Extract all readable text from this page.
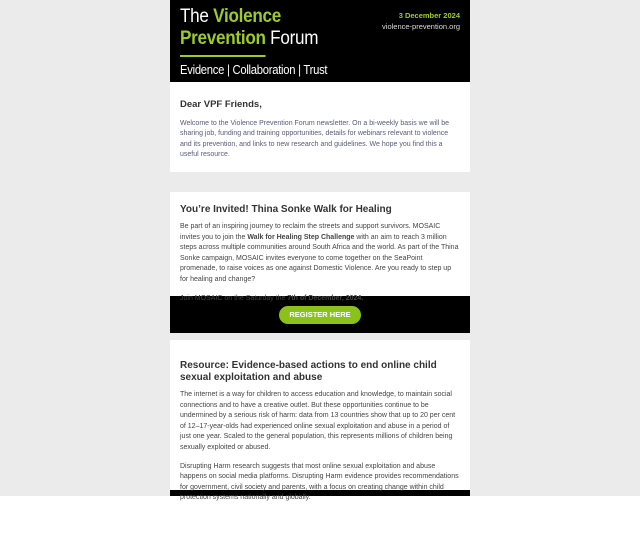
The Violence
Prevention Forum
Evidence | Collaboration | Trust
3 December 2024
violence-prevention.org
Dear VPF Friends,

Welcome to the Violence Prevention Forum newsletter. On a bi-weekly basis we will be sharing job, funding and training opportunities, details for webinars relevant to violence and its prevention, and links to new research and guidelines. We hope you find this a useful resource.

You’re Invited! Thina Sonke Walk for Healing

Be part of an inspiring journey to reclaim the streets and support survivors. MOSAIC invites you to join the Walk for Healing Step Challenge with an aim to reach 3 million steps across multiple communities around South Africa and the world. As part of the Thina Sonke campaign, MOSAIC invites everyone to come together on the SeaPoint promenade, to raise voices as one against Domestic Violence. Are you ready to step up for healing and change?

Join MOSAIC on the Saturday the 7th of December, 2024.

REGISTER HERE
Resource: Evidence-based actions to end online child sexual exploitation and abuse

The internet is a way for children to access education and knowledge, to maintain social connections and to have a creative outlet. But these opportunities continue to be undermined by a serious risk of harm: data from 13 countries show that up to 20 per cent of 12–17-year-olds had experienced online sexual exploitation and abuse in a period of just one year. Scaled to the general population, this represents millions of children being sexually exploited or abused.

Disrupting Harm research suggests that most online sexual exploitation and abuse happens on social media platforms. Disrupting Harm evidence provides recommendations for government, civil society and parents, with a focus on creating change within child protection systems nationally and globally.
